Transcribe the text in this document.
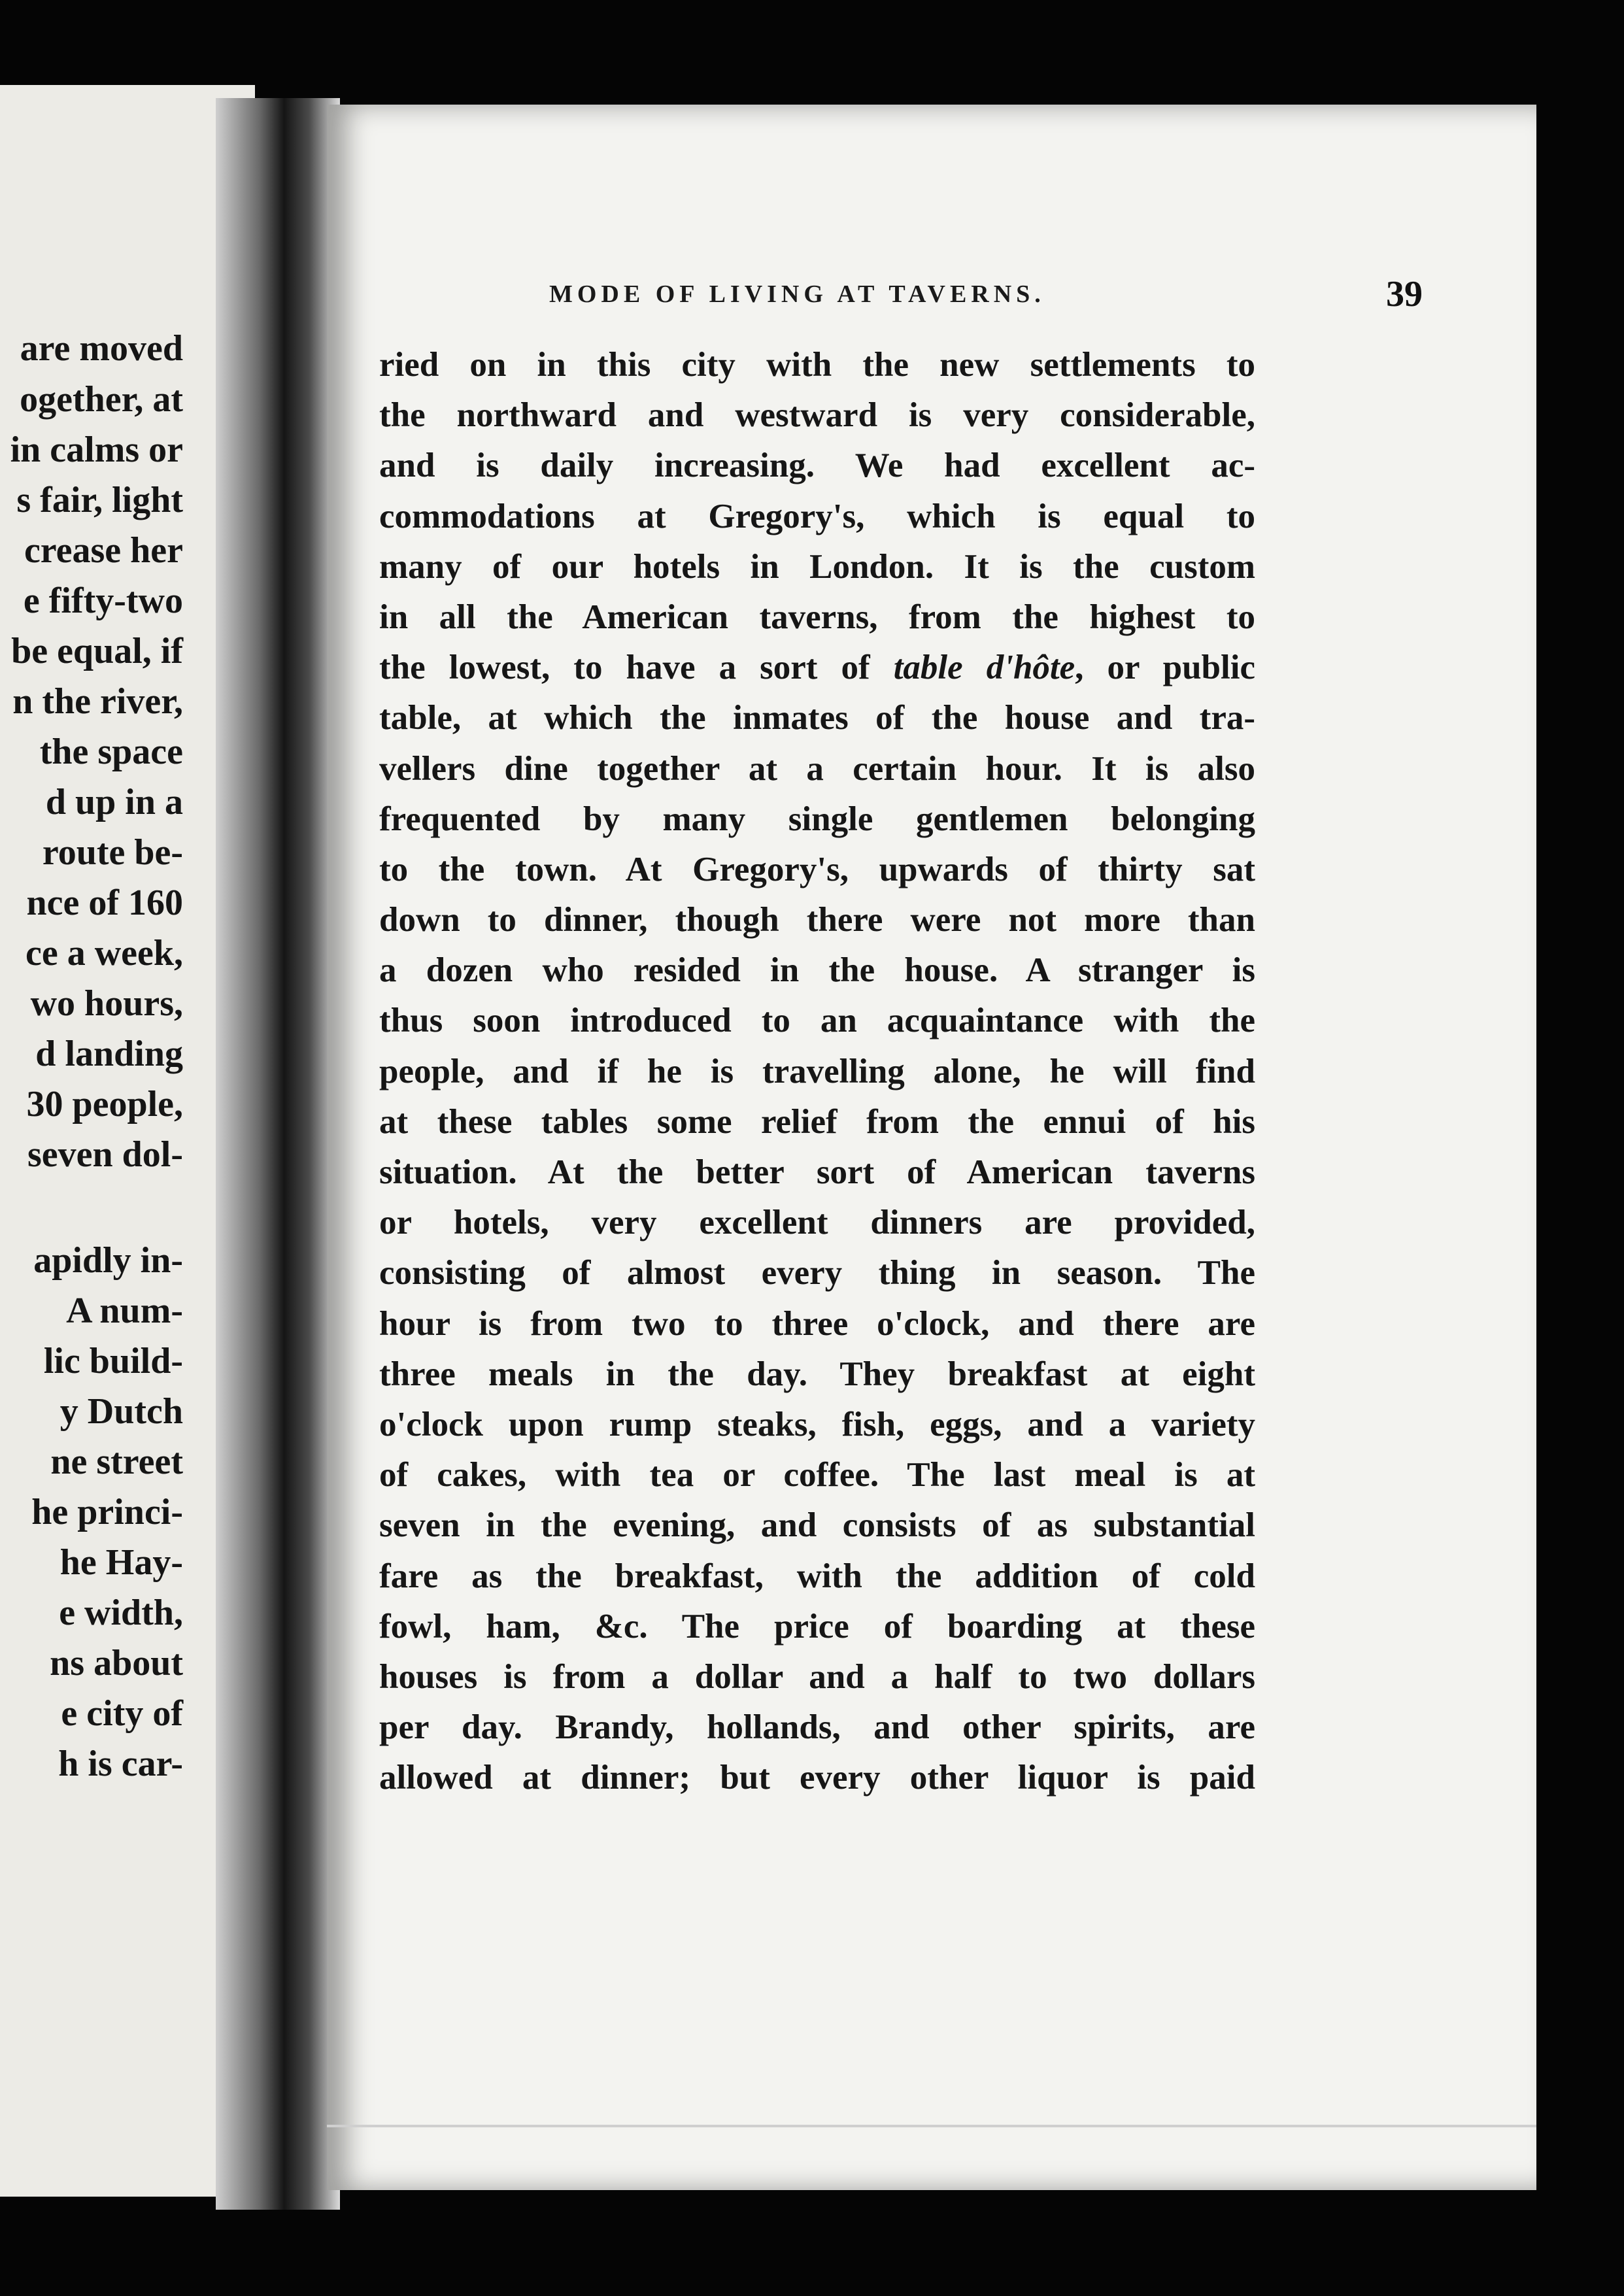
are moved
ogether, at
in calms or
s fair, light
crease her
e fifty-two
be equal, if
n the river,
the space
d up in a
route be-
nce of 160
ce a week,
wo hours,
d landing
30 people,
seven dol-
apidly in-
A num-
lic build-
y Dutch
ne street
he princi-
he Hay-
e width,
ns about
e city of
h is car-
MODE OF LIVING AT TAVERNS.	39
ried on in this city with the new settlements to
the northward and westward is very considerable,
and is daily increasing. We had excellent ac-
commodations at Gregory's, which is equal to
many of our hotels in London. It is the custom
in all the American taverns, from the highest to
the lowest, to have a sort of table d'hôte, or public
table, at which the inmates of the house and tra-
vellers dine together at a certain hour. It is also
frequented by many single gentlemen belonging
to the town. At Gregory's, upwards of thirty sat
down to dinner, though there were not more than
a dozen who resided in the house. A stranger is
thus soon introduced to an acquaintance with the
people, and if he is travelling alone, he will find
at these tables some relief from the ennui of his
situation. At the better sort of American taverns
or hotels, very excellent dinners are provided,
consisting of almost every thing in season. The
hour is from two to three o'clock, and there are
three meals in the day. They breakfast at eight
o'clock upon rump steaks, fish, eggs, and a variety
of cakes, with tea or coffee. The last meal is at
seven in the evening, and consists of as substantial
fare as the breakfast, with the addition of cold
fowl, ham, &c. The price of boarding at these
houses is from a dollar and a half to two dollars
per day. Brandy, hollands, and other spirits, are
allowed at dinner; but every other liquor is paid
